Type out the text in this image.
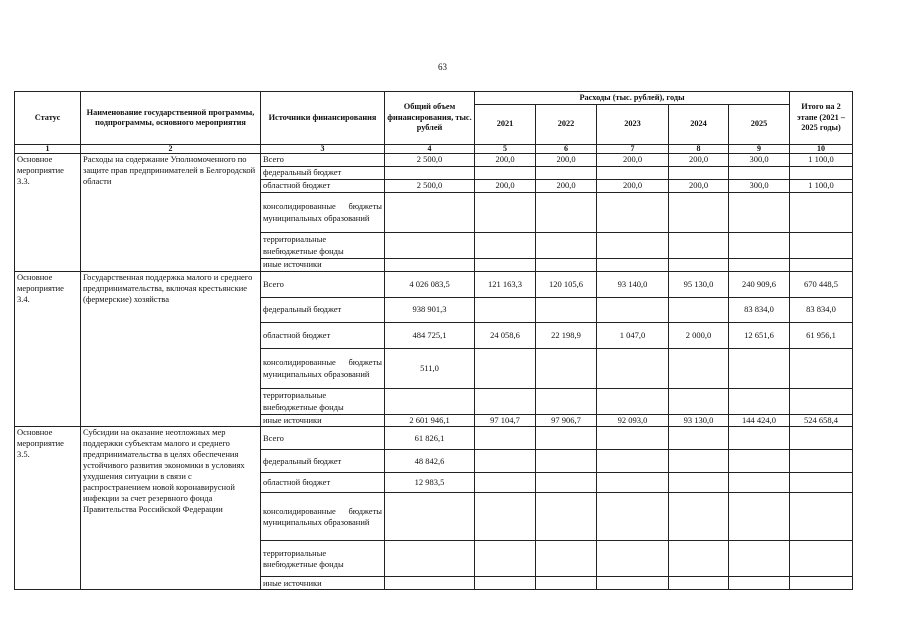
63
Статус	Наименование государственной программы, подпрограммы, основного мероприятия	Источники финансирования	Общий объем финансирования, тыс. рублей	Расходы (тыс. рублей), годы					Итого на 2 этапе (2021 – 2025 годы)
				2021	2022	2023	2024	2025	
1	2	3	4	5	6	7	8	9	10
Основное мероприятие 3.3.	Расходы на содержание Уполномоченного по защите прав предпринимателей в Белгородской области	Всего	2 500,0	200,0	200,0	200,0	200,0	300,0	1 100,0
		федеральный бюджет							
		областной бюджет	2 500,0	200,0	200,0	200,0	200,0	300,0	1 100,0
		консолидированные бюджеты муниципальных образований							
		территориальные внебюджетные фонды							
		иные источники							
Основное мероприятие 3.4.	Государственная поддержка малого и среднего предпринимательства, включая крестьянские (фермерские) хозяйства	Всего	4 026 083,5	121 163,3	120 105,6	93 140,0	95 130,0	240 909,6	670 448,5
		федеральный бюджет	938 901,3					83 834,0	83 834,0
		областной бюджет	484 725,1	24 058,6	22 198,9	1 047,0	2 000,0	12 651,6	61 956,1
		консолидированные бюджеты муниципальных образований	511,0						
		территориальные внебюджетные фонды							
		иные источники	2 601 946,1	97 104,7	97 906,7	92 093,0	93 130,0	144 424,0	524 658,4
Основное мероприятие 3.5.	Субсидии на оказание неотложных мер поддержки субъектам малого и среднего предпринимательства в целях обеспечения устойчивого развития экономики в условиях ухудшения ситуации в связи с распространением новой коронавирусной инфекции за счет резервного фонда Правительства Российской Федерации	Всего	61 826,1						
		федеральный бюджет	48 842,6						
		областной бюджет	12 983,5						
		консолидированные бюджеты муниципальных образований							
		территориальные внебюджетные фонды							
		иные источники							
